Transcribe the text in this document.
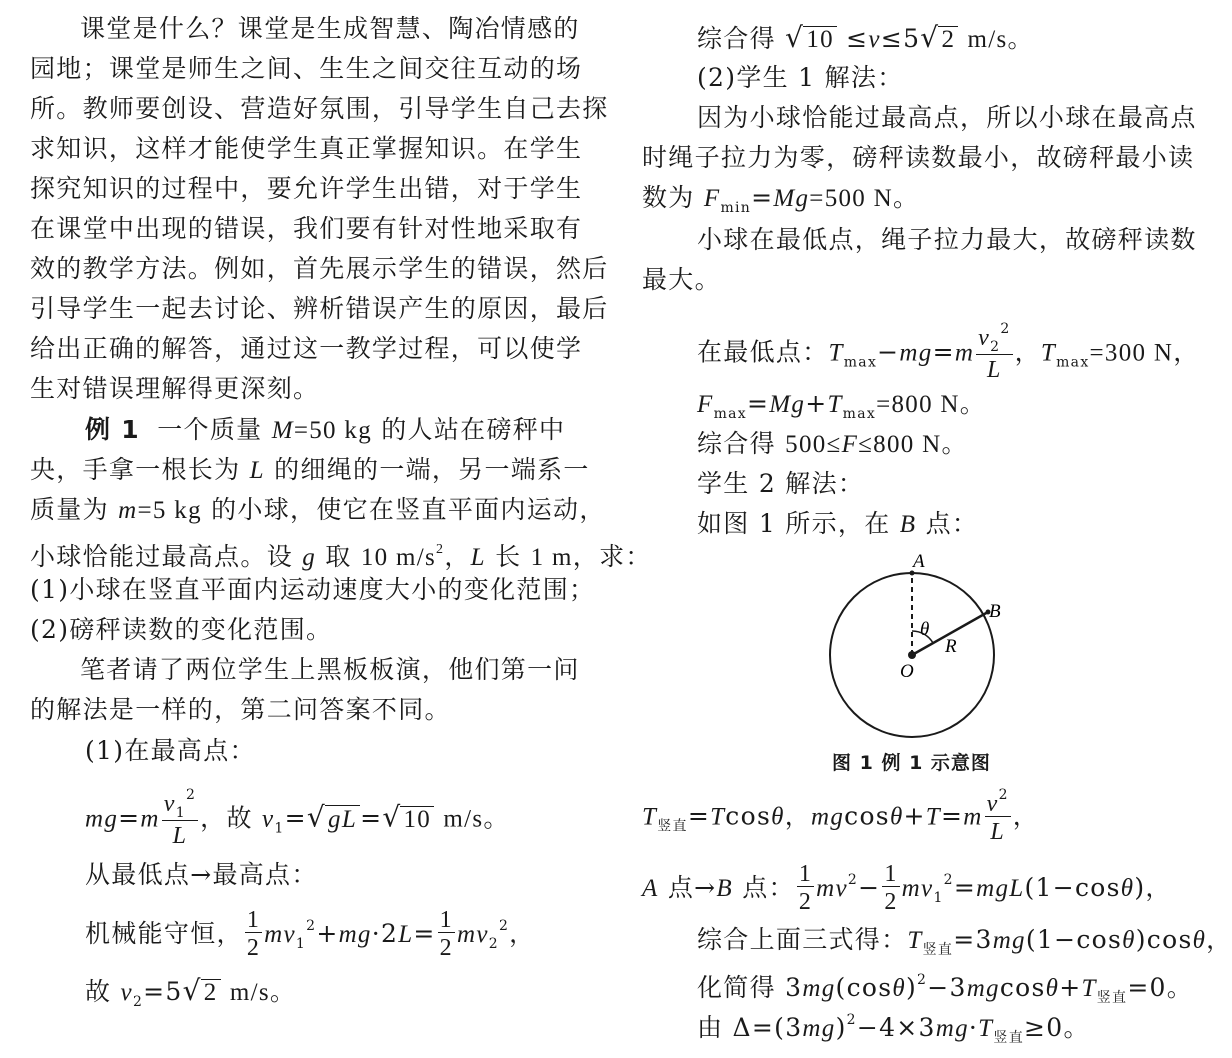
课堂是什么？课堂是生成智慧、陶冶情感的
园地；课堂是师生之间、生生之间交往互动的场
所。教师要创设、营造好氛围，引导学生自己去探
求知识，这样才能使学生真正掌握知识。在学生
探究知识的过程中，要允许学生出错，对于学生
在课堂中出现的错误，我们要有针对性地采取有
效的教学方法。例如，首先展示学生的错误，然后
引导学生一起去讨论、辨析错误产生的原因，最后
给出正确的解答，通过这一教学过程，可以使学
生对错误理解得更深刻。
例 1 一个质量 M=50 kg 的人站在磅秤中
央，手拿一根长为 L 的细绳的一端，另一端系一
质量为 m=5 kg 的小球，使它在竖直平面内运动，
小球恰能过最高点。设 g 取 10 $m/s^2$，L 长 1 m，求：
(1)小球在竖直平面内运动速度大小的变化范围；
(2)磅秤读数的变化范围。
笔者请了两位学生上黑板板演，他们第一问
的解法是一样的，第二问答案不同。
(1)在最高点：
$mg=m \frac{v_1^2}{L}$ ，故 $v_1=√gL =√10$ m/s。
从最低点→最高点：
机械能守恒， $\frac{1}{2} mv_1^2+mg\cdot 2L= \frac{1}{2} mv_2^2$，
故 $v_2=5√2$ m/s。
综合得 √10 ≤v≤5√2 m/s。
(2)学生 1 解法：
因为小球恰能过最高点，所以小球在最高点
时绳子拉力为零，磅秤读数最小，故磅秤最小读
数为 $F_{min}=Mg=500$ N。
小球在最低点，绳子拉力最大，故磅秤读数
最大。
在最低点：$T_{max}-mg=m \frac{v_2^2}{L}$ ，$T_{max}=300$ N，
$F_{max}=Mg+T_{max}=800$ N。
综合得 500≤F≤800 N。
学生 2 解法：
如图 1 所示，在 B 点：
A
B
O
R
θ
图 1 例 1 示意图
$T_{竖直}=Tcos\theta$，$mgcos\theta+T=m \frac{v^2}{L}$ ，
A 点→B 点： $\frac{1}{2} mv^2- \frac{1}{2} mv_1^2=mgL(1-\cos\theta)$，
综合上面三式得：$T_{竖直}=3mg(1-\cos\theta)\cos\theta$，
化简得 $3mg(\cos\theta)^2-3mgcos\theta+T_{竖直}=0$。
由 $\Delta=(3mg)^2-4\times 3mg\cdot T_{竖直}\ge 0$。
